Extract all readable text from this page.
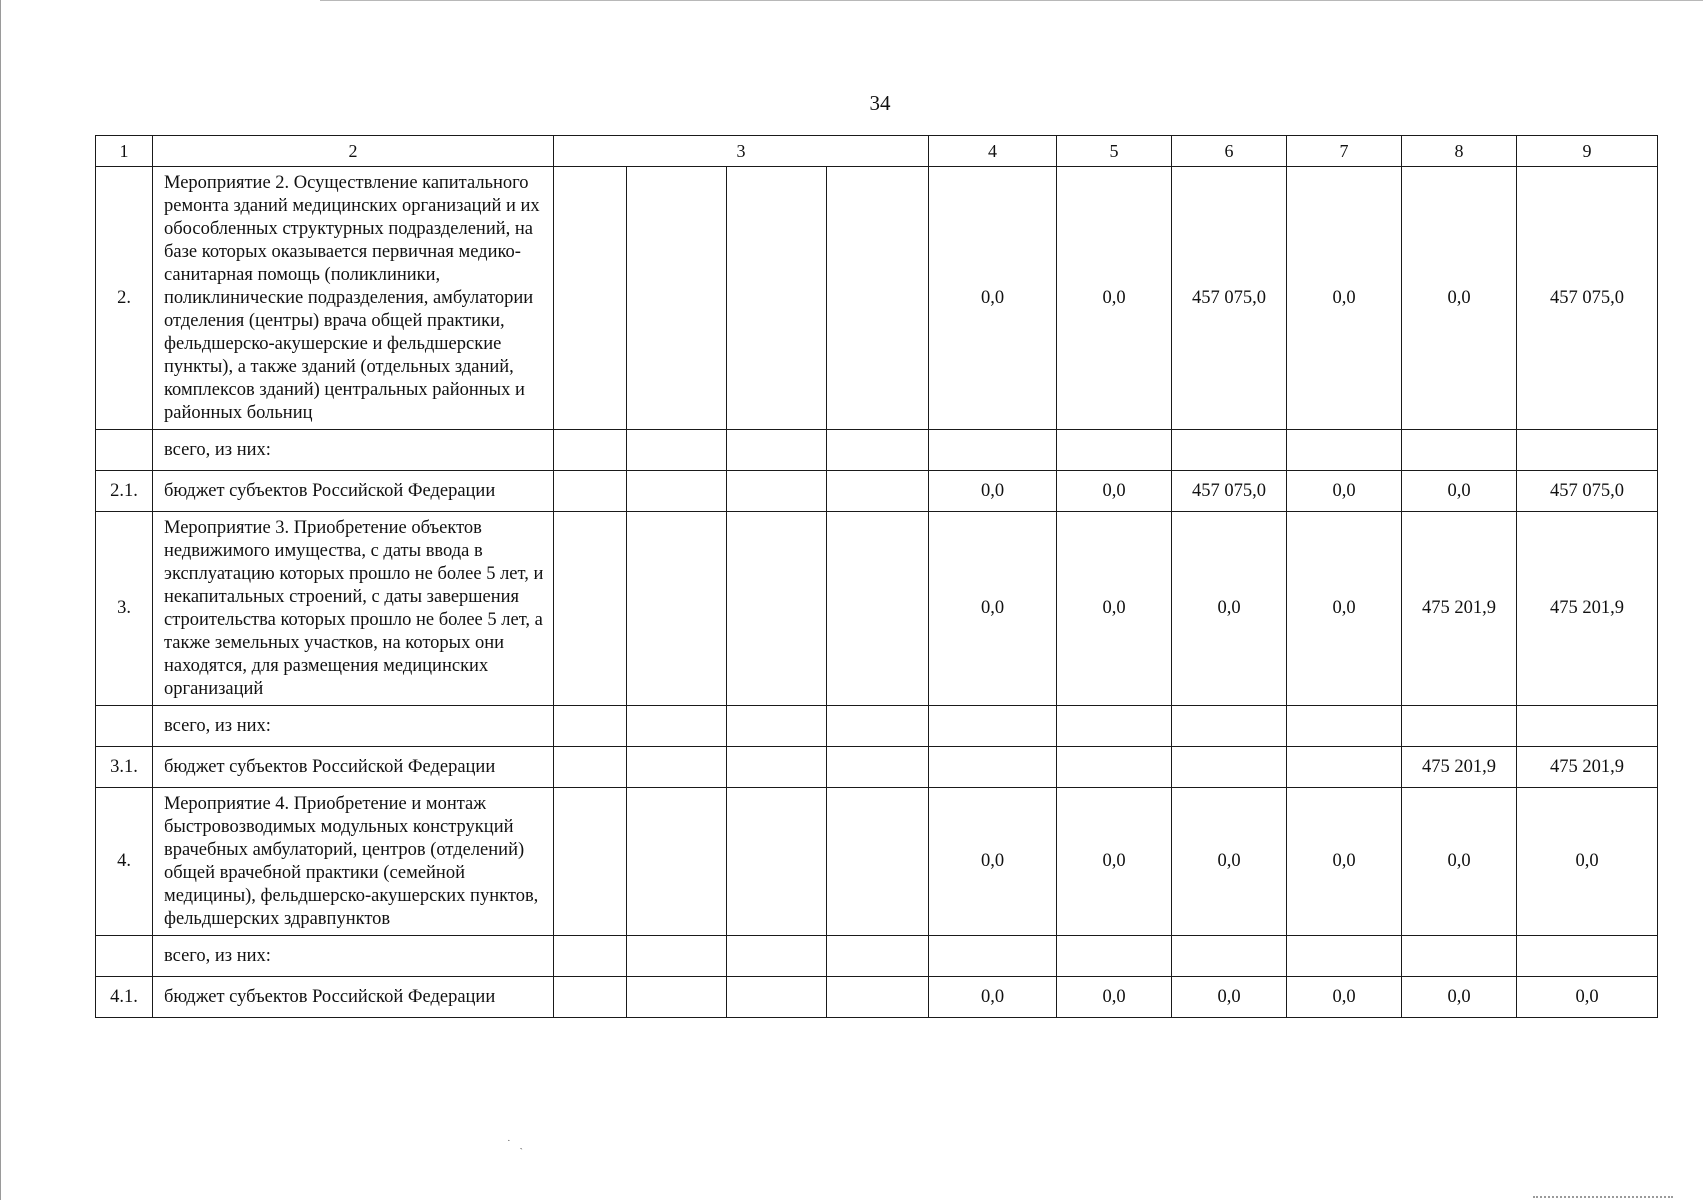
34
1	2	3				4	5	6	7	8	9
2.	Мероприятие 2. Осуществление капитального ремонта зданий медицинских организаций и их обособленных структурных подразделений, на базе которых оказывается первичная медико-санитарная помощь (поликлиники, поликлинические подразделения, амбулатории отделения (центры) врача общей практики, фельдшерско-акушерские и фельдшерские пункты), а также зданий (отдельных зданий, комплексов зданий) центральных районных и районных больниц					0,0	0,0	457 075,0	0,0	0,0	457 075,0
	всего, из них:										
2.1.	бюджет субъектов Российской Федерации					0,0	0,0	457 075,0	0,0	0,0	457 075,0
3.	Мероприятие 3. Приобретение объектов недвижимого имущества, с даты ввода в эксплуатацию которых прошло не более 5 лет, и некапитальных строений, с даты завершения строительства которых прошло не более 5 лет, а также земельных участков, на которых они находятся, для размещения медицинских организаций					0,0	0,0	0,0	0,0	475 201,9	475 201,9
	всего, из них:										
3.1.	бюджет субъектов Российской Федерации									475 201,9	475 201,9
4.	Мероприятие 4. Приобретение и монтаж быстровозводимых модульных конструкций врачебных амбулаторий, центров (отделений) общей врачебной практики (семейной медицины), фельдшерско-акушерских пунктов, фельдшерских здравпунктов					0,0	0,0	0,0	0,0	0,0	0,0
	всего, из них:										
4.1.	бюджет субъектов Российской Федерации					0,0	0,0	0,0	0,0	0,0	0,0
˙ ˏ
